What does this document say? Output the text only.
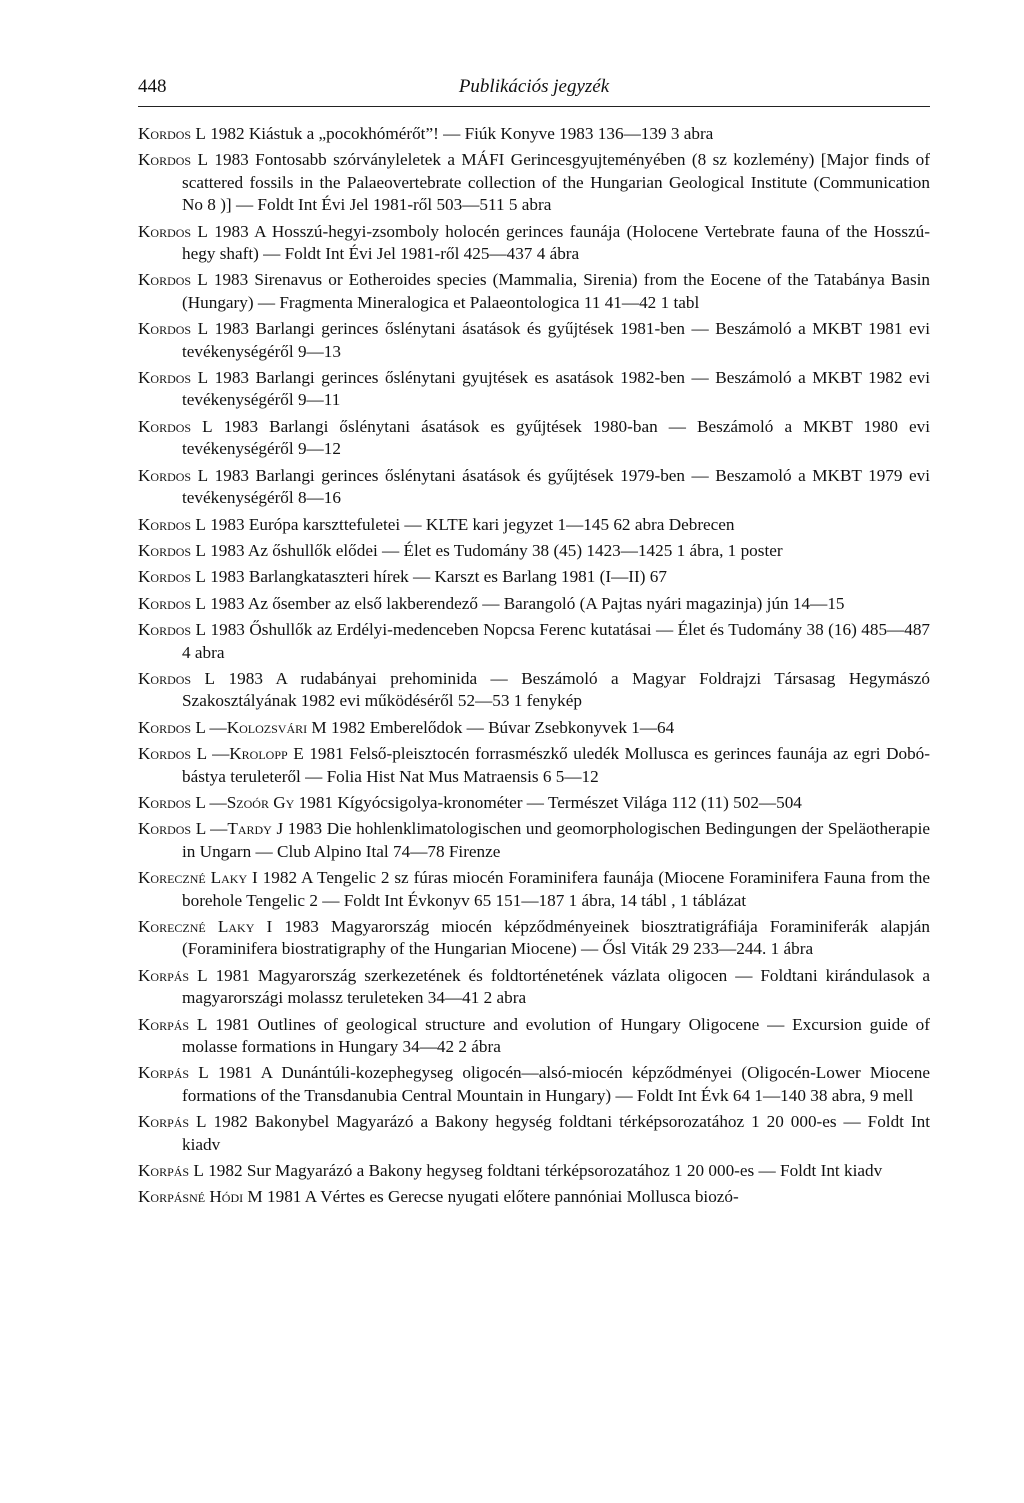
448	Publikációs jegyzék

Kordos L 1982 Kiástuk a „pocokhómérőt”! — Fiúk Konyve 1983 136—139 3 abra

Kordos L 1983 Fontosabb szórványleletek a MÁFI Gerincesgyujteményében (8 sz kozlemény) [Major finds of scattered fossils in the Palaeovertebrate collection of the Hungarian Geological Institute (Communication No 8 )] — Foldt Int Évi Jel 1981-ről 503—511 5 abra

Kordos L 1983 A Hosszú-hegyi-zsomboly holocén gerinces faunája (Holocene Vertebrate fauna of the Hosszú-hegy shaft) — Foldt Int Évi Jel 1981-ről 425—437 4 ábra

Kordos L 1983 Sirenavus or Eotheroides species (Mammalia, Sirenia) from the Eocene of the Tatabánya Basin (Hungary) — Fragmenta Mineralogica et Palaeontologica 11 41—42 1 tabl

Kordos L 1983 Barlangi gerinces őslénytani ásatások és gyűjtések 1981-ben — Beszámoló a MKBT 1981 evi tevékenységéről 9—13

Kordos L 1983 Barlangi gerinces őslénytani gyujtések es asatások 1982-ben — Beszámoló a MKBT 1982 evi tevékenységéről 9—11

Kordos L 1983 Barlangi őslénytani ásatások es gyűjtések 1980-ban — Beszámoló a MKBT 1980 evi tevékenységéről 9—12

Kordos L 1983 Barlangi gerinces őslénytani ásatások és gyűjtések 1979-ben — Beszamoló a MKBT 1979 evi tevékenységéről 8—16

Kordos L 1983 Európa karszttefuletei — KLTE kari jegyzet 1—145 62 abra Debrecen

Kordos L 1983 Az őshullők elődei — Élet es Tudomány 38 (45) 1423—1425 1 ábra, 1 poster

Kordos L 1983 Barlangkataszteri hírek — Karszt es Barlang 1981 (I—II) 67

Kordos L 1983 Az ősember az első lakberendező — Barangoló (A Pajtas nyári magazinja) jún 14—15

Kordos L 1983 Őshullők az Erdélyi-medenceben Nopcsa Ferenc kutatásai — Élet és Tudomány 38 (16) 485—487 4 abra

Kordos L 1983 A rudabányai prehominida — Beszámoló a Magyar Foldrajzi Társasag Hegymászó Szakosztályának 1982 evi működéséről 52—53 1 fenykép

Kordos L —Kolozsvári M 1982 Emberelődok — Búvar Zsebkonyvek 1—64

Kordos L —Krolopp E 1981 Felső-pleisztocén forrasmészkő uledék Mollusca es gerinces faunája az egri Dobó-bástya teruleteről — Folia Hist Nat Mus Matraensis 6 5—12

Kordos L —Szoór Gy 1981 Kígyócsigolya-kronométer — Természet Világa 112 (11) 502—504

Kordos L —Tardy J 1983 Die hohlenklimatologischen und geomorphologischen Bedingungen der Speläotherapie in Ungarn — Club Alpino Ital 74—78 Firenze

Koreczné Laky I 1982 A Tengelic 2 sz fúras miocén Foraminifera faunája (Miocene Foraminifera Fauna from the borehole Tengelic 2 — Foldt Int Évkonyv 65 151—187 1 ábra, 14 tábl , 1 táblázat

Koreczné Laky I 1983 Magyarország miocén képződményeinek biosztratigráfiája Foraminiferák alapján (Foraminifera biostratigraphy of the Hungarian Miocene) — Ősl Viták 29 233—244. 1 ábra

Korpás L 1981 Magyarország szerkezetének és foldtorténetének vázlata oligocen — Foldtani kirándulasok a magyarországi molassz teruleteken 34—41 2 abra

Korpás L 1981 Outlines of geological structure and evolution of Hungary Oligocene — Excursion guide of molasse formations in Hungary 34—42 2 ábra

Korpás L 1981 A Dunántúli-kozephegyseg oligocén—alsó-miocén képződményei (Oligocén-Lower Miocene formations of the Transdanubia Central Mountain in Hungary) — Foldt Int Évk 64 1—140 38 abra, 9 mell

Korpás L 1982 Bakonybel Magyarázó a Bakony hegység foldtani térképsorozatához 1 20 000-es — Foldt Int kiadv

Korpás L 1982 Sur Magyarázó a Bakony hegyseg foldtani térképsorozatához 1 20 000-es — Foldt Int kiadv

Korpásné Hódi M 1981 A Vértes es Gerecse nyugati előtere pannóniai Mollusca biozó-
